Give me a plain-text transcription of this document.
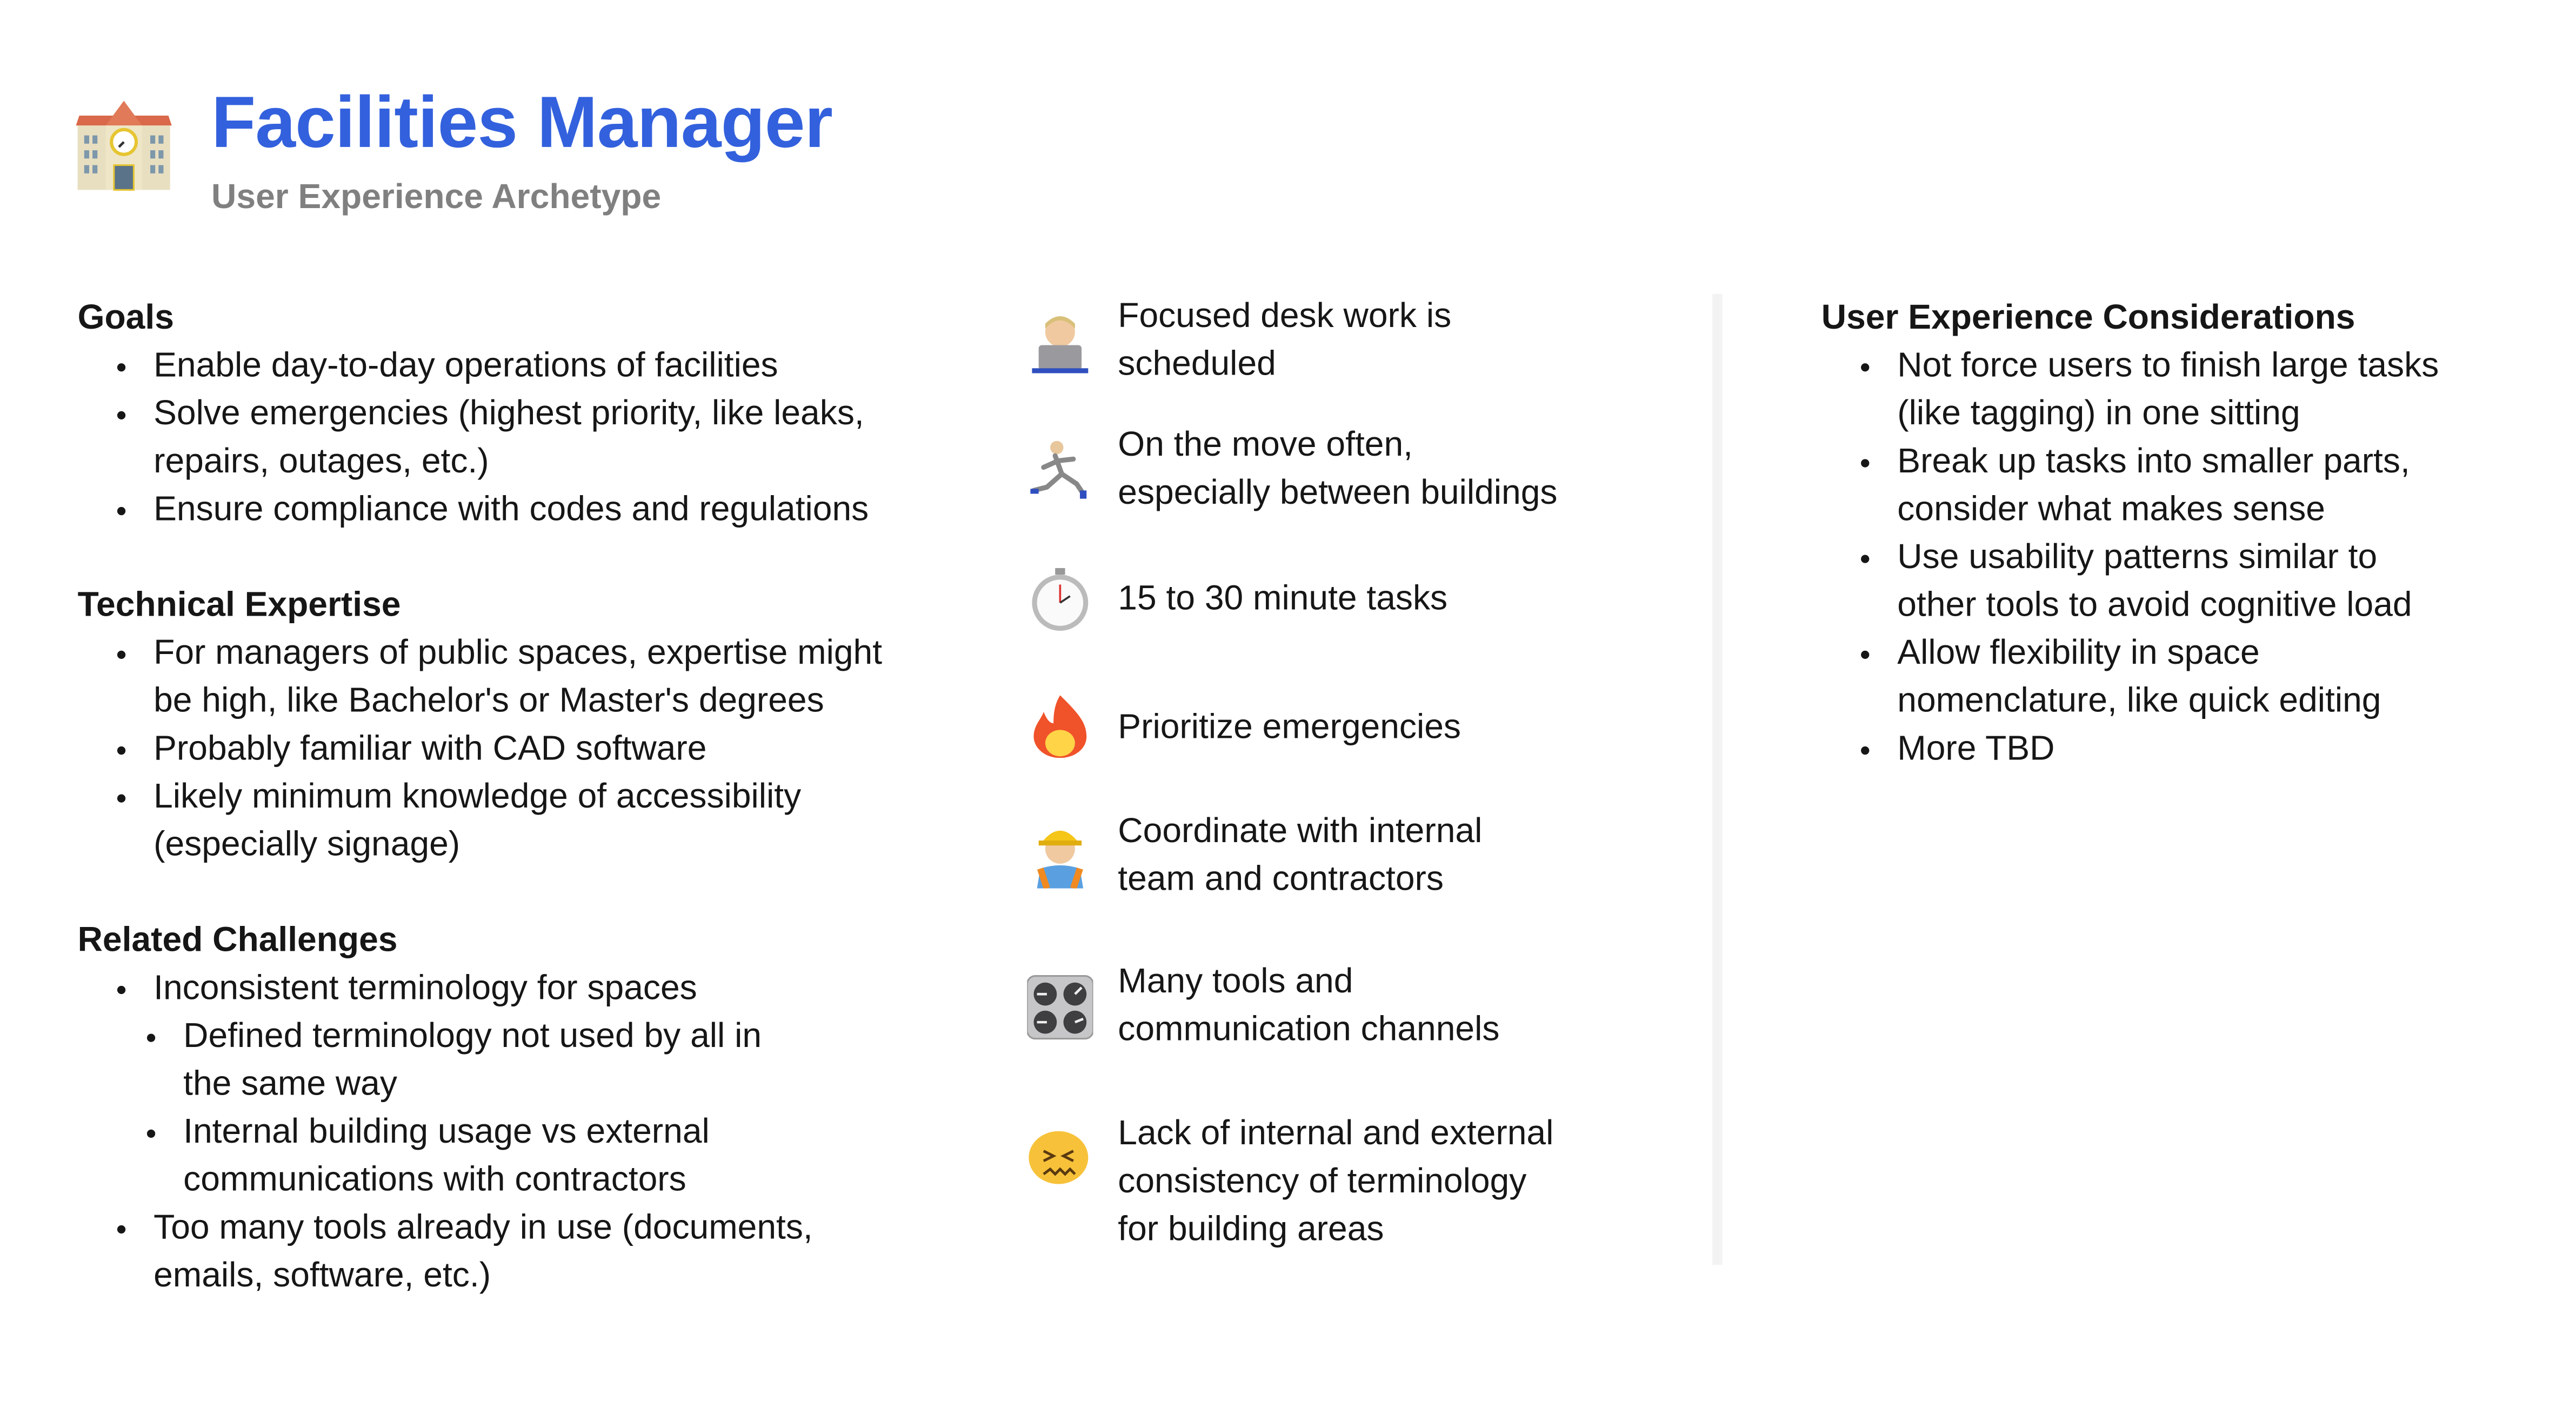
Facilities Manager
User Experience Archetype
Goals
Enable day-to-day operations of facilities
Solve emergencies (highest priority, like leaks, repairs, outages, etc.)
Ensure compliance with codes and regulations
Technical Expertise
For managers of public spaces, expertise might be high, like Bachelor's or Master's degrees
Probably familiar with CAD software
Likely minimum knowledge of accessibility (especially signage)
Related Challenges
Inconsistent terminology for spaces
Defined terminology not used by all in the same way
Internal building usage vs external communications with contractors
Too many tools already in use (documents, emails, software, etc.)
Focused desk work is
scheduled
On the move often,
especially between buildings
15 to 30 minute tasks
Prioritize emergencies
Coordinate with internal
team and contractors
Many tools and
communication channels
Lack of internal and external
consistency of terminology
for building areas
User Experience Considerations
Not force users to finish large tasks (like tagging) in one sitting
Break up tasks into smaller parts, consider what makes sense
Use usability patterns similar to other tools to avoid cognitive load
Allow flexibility in space nomenclature, like quick editing
More TBD
